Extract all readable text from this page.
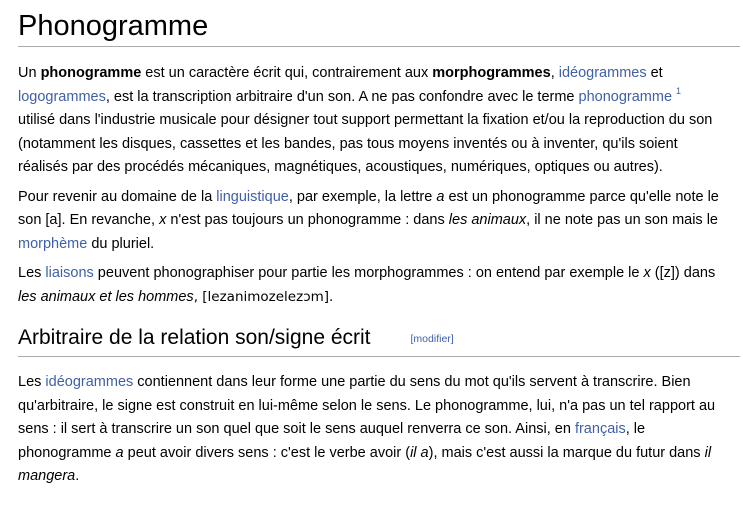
Phonogramme

Un phonogramme est un caractère écrit qui, contrairement aux morphogrammes, idéogrammes et logogrammes, est la transcription arbitraire d'un son. A ne pas confondre avec le terme phonogramme $^1$ utilisé dans l'industrie musicale pour désigner tout support permettant la fixation et/ou la reproduction du son (notamment les disques, cassettes et les bandes, pas tous moyens inventés ou à inventer, qu'ils soient réalisés par des procédés mécaniques, magnétiques, acoustiques, numériques, optiques ou autres).

Pour revenir au domaine de la linguistique, par exemple, la lettre a est un phonogramme parce qu'elle note le son [a]. En revanche, x n'est pas toujours un phonogramme : dans les animaux, il ne note pas un son mais le morphème du pluriel.

Les liaisons peuvent phonographiser pour partie les morphogrammes : on entend par exemple le x ([z]) dans les animaux et les hommes, [lezanimozelezɔm].

Arbitraire de la relation son/signe écrit	[modifier]

Les idéogrammes contiennent dans leur forme une partie du sens du mot qu'ils servent à transcrire. Bien qu'arbitraire, le signe est construit en lui-même selon le sens. Le phonogramme, lui, n'a pas un tel rapport au sens : il sert à transcrire un son quel que soit le sens auquel renverra ce son. Ainsi, en français, le phonogramme a peut avoir divers sens : c'est le verbe avoir (il a), mais c'est aussi la marque du futur dans il mangera.
